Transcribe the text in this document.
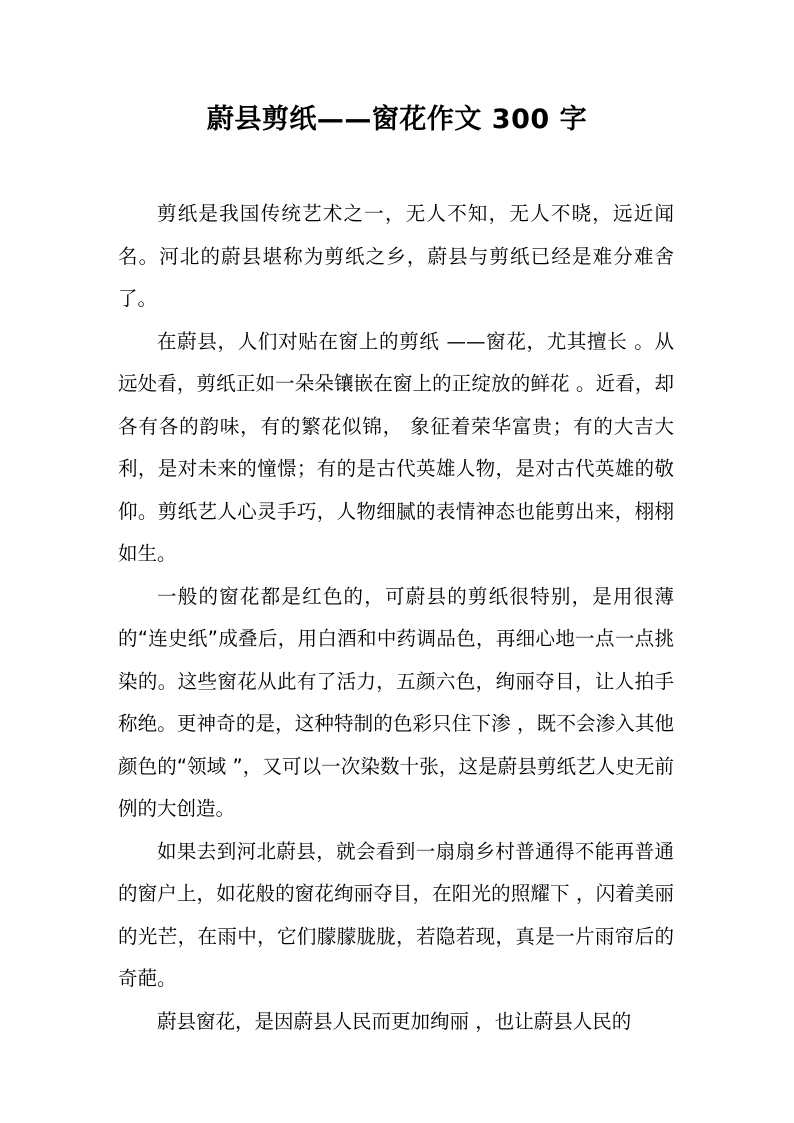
蔚县剪纸——窗花作文 300 字

剪纸是我国传统艺术之一，无人不知，无人不晓，远近闻名。河北的蔚县堪称为剪纸之乡，蔚县与剪纸已经是难分难舍了。

在蔚县，人们对贴在窗上的剪纸 ——窗花，尤其擅长 。从远处看，剪纸正如一朵朵镶嵌在窗上的正绽放的鲜花 。近看，却各有各的韵味，有的繁花似锦， 象征着荣华富贵；有的大吉大利，是对未来的憧憬；有的是古代英雄人物，是对古代英雄的敬仰。剪纸艺人心灵手巧，人物细腻的表情神态也能剪出来，栩栩如生。

一般的窗花都是红色的，可蔚县的剪纸很特别，是用很薄的“连史纸”成叠后，用白酒和中药调品色，再细心地一点一点挑染的。这些窗花从此有了活力，五颜六色，绚丽夺目，让人拍手称绝。更神奇的是，这种特制的色彩只住下渗 ，既不会渗入其他颜色的“领域 ”，又可以一次染数十张，这是蔚县剪纸艺人史无前例的大创造。

如果去到河北蔚县，就会看到一扇扇乡村普通得不能再普通的窗户上，如花般的窗花绚丽夺目，在阳光的照耀下 ，闪着美丽的光芒，在雨中，它们朦朦胧胧，若隐若现，真是一片雨帘后的奇葩。

蔚县窗花，是因蔚县人民而更加绚丽 ，也让蔚县人民的
